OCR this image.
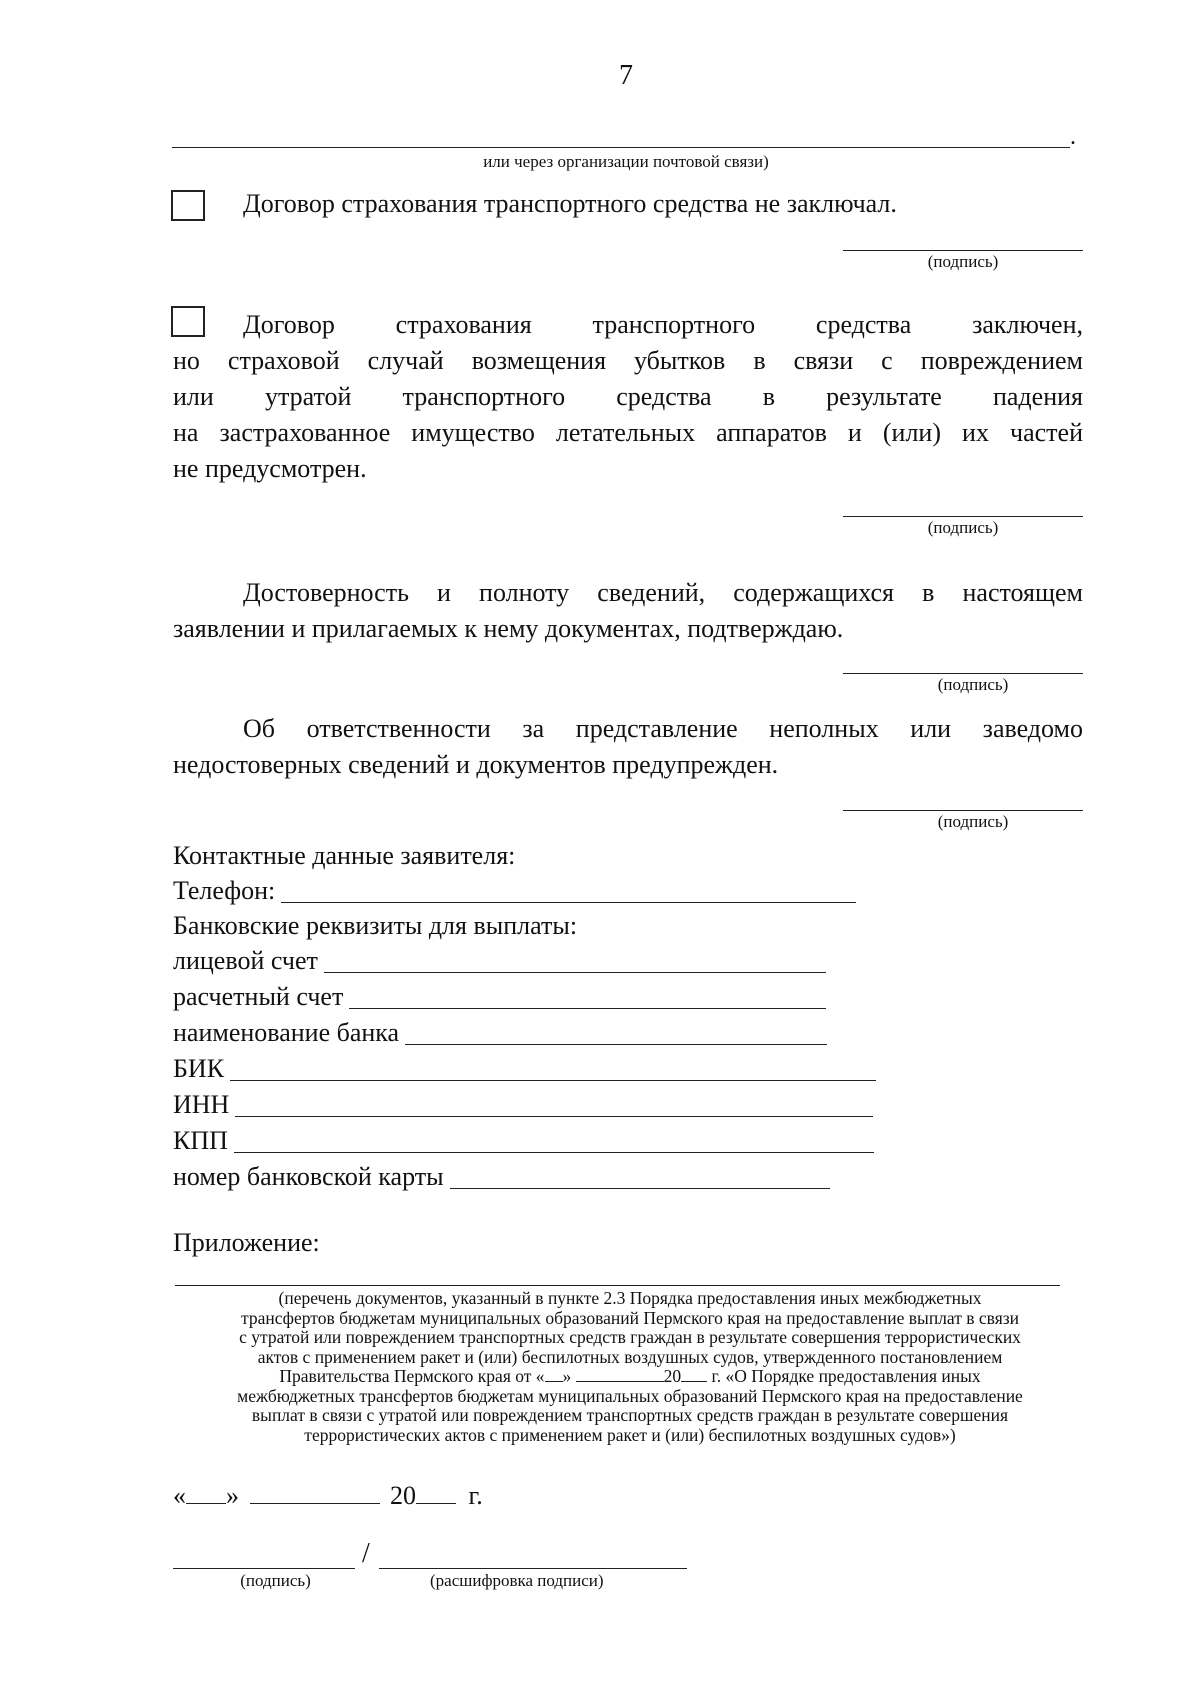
7
.
или через организации почтовой связи)
Договор страхования транспортного средства не заключал.
(подпись)
Договор страхования транспортного средства заключен,
но страховой случай возмещения убытков в связи с повреждением
или утратой транспортного средства в результате падения
на застрахованное имущество летательных аппаратов и (или) их частей
не предусмотрен.
(подпись)
Достоверность и полноту сведений, содержащихся в настоящем
заявлении и прилагаемых к нему документах, подтверждаю.
(подпись)
Об ответственности за представление неполных или заведомо
недостоверных сведений и документов предупрежден.
(подпись)
Контактные данные заявителя:
Телефон:
Банковские реквизиты для выплаты:
лицевой счет
расчетный счет
наименование банка
БИК
ИНН
КПП
номер банковской карты
Приложение:
(перечень документов, указанный в пункте 2.3 Порядка предоставления иных межбюджетных
трансфертов бюджетам муниципальных образований Пермского края на предоставление выплат в связи
с утратой или повреждением транспортных средств граждан в результате совершения террористических
актов с применением ракет и (или) беспилотных воздушных судов, утвержденного постановлением
Правительства Пермского края от « »	20 г. «О Порядке предоставления иных
межбюджетных трансфертов бюджетам муниципальных образований Пермского края на предоставление
выплат в связи с утратой или повреждением транспортных средств граждан в результате совершения
террористических актов с применением ракет и (или) беспилотных воздушных судов»)
« »	20 г.
/
(подпись)	(расшифровка подписи)
